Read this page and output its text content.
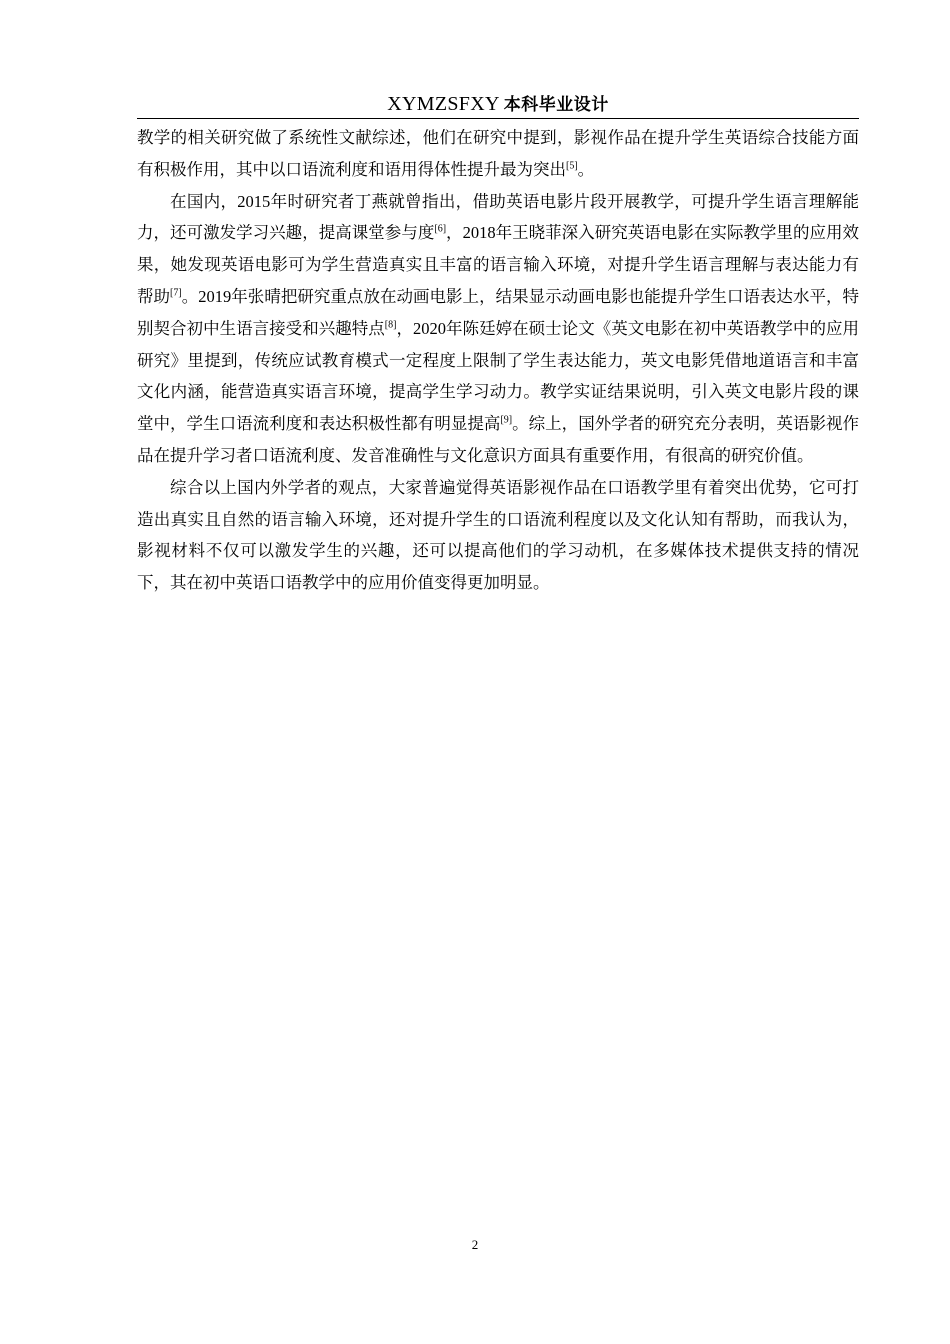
XYMZSFXY 本科毕业设计

教学的相关研究做了系统性文献综述，他们在研究中提到，影视作品在提升学生英语综合技能方面有积极作用，其中以口语流利度和语用得体性提升最为突出[5]。

在国内，2015年时研究者丁燕就曾指出，借助英语电影片段开展教学，可提升学生语言理解能力，还可激发学习兴趣，提高课堂参与度[6]，2018年王晓菲深入研究英语电影在实际教学里的应用效果，她发现英语电影可为学生营造真实且丰富的语言输入环境，对提升学生语言理解与表达能力有帮助[7]。2019年张晴把研究重点放在动画电影上，结果显示动画电影也能提升学生口语表达水平，特别契合初中生语言接受和兴趣特点[8]，2020年陈廷婷在硕士论文《英文电影在初中英语教学中的应用研究》里提到，传统应试教育模式一定程度上限制了学生表达能力，英文电影凭借地道语言和丰富文化内涵，能营造真实语言环境，提高学生学习动力。教学实证结果说明，引入英文电影片段的课堂中，学生口语流利度和表达积极性都有明显提高[9]。综上，国外学者的研究充分表明，英语影视作品在提升学习者口语流利度、发音准确性与文化意识方面具有重要作用，有很高的研究价值。

综合以上国内外学者的观点，大家普遍觉得英语影视作品在口语教学里有着突出优势，它可打造出真实且自然的语言输入环境，还对提升学生的口语流利程度以及文化认知有帮助，而我认为，影视材料不仅可以激发学生的兴趣，还可以提高他们的学习动机，在多媒体技术提供支持的情况下，其在初中英语口语教学中的应用价值变得更加明显。

2
